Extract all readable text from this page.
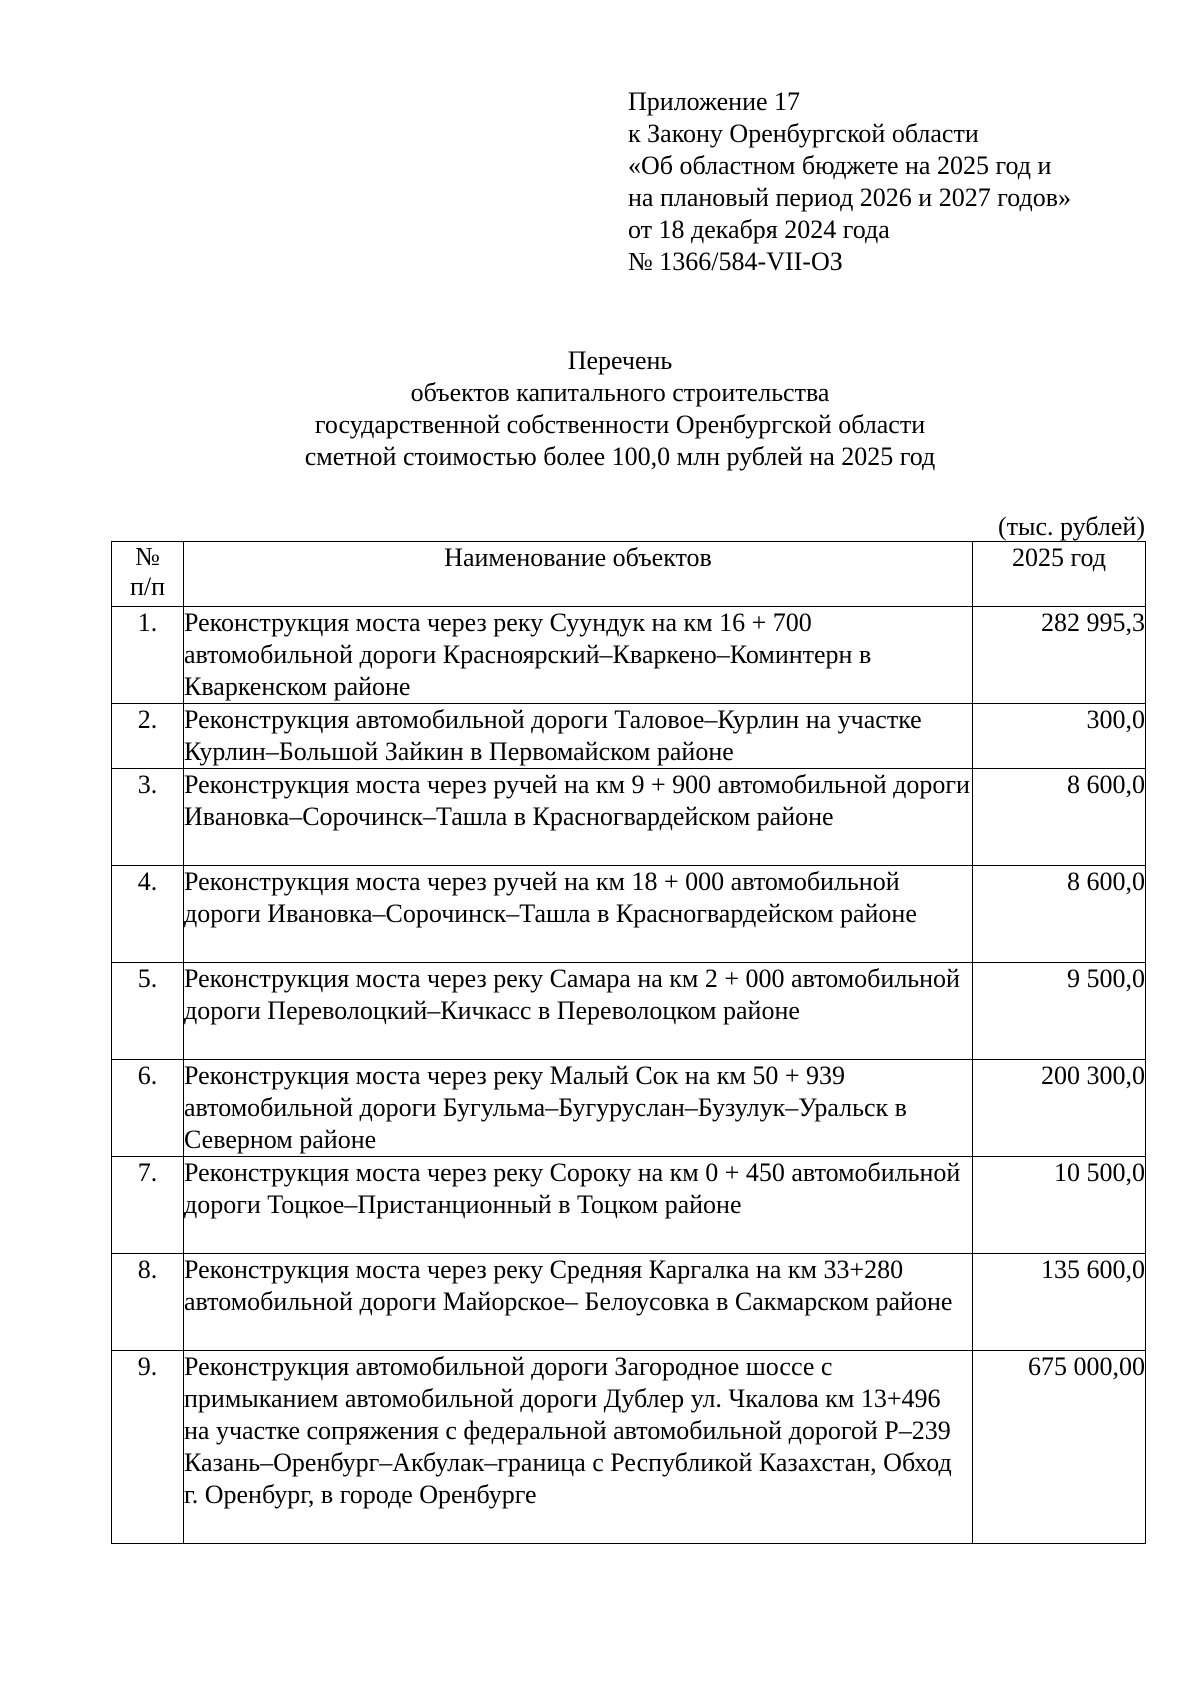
Приложение 17
к Закону Оренбургской области
«Об областном бюджете на 2025 год и
на плановый период 2026 и 2027 годов»
от 18 декабря 2024 года
№ 1366/584-VII-ОЗ
Перечень
объектов капитального строительства
государственной собственности Оренбургской области
сметной стоимостью более 100,0 млн рублей на 2025 год
(тыс. рублей)
№
п/п	Наименование объектов	2025 год
1.	Реконструкция моста через реку Суундук на км 16 + 700 автомобильной дороги Красноярский–Кваркено–Коминтерн в Кваркенском районе	282 995,3
2.	Реконструкция автомобильной дороги Таловое–Курлин на участке Курлин–Большой Зайкин в Первомайском районе	300,0
3.	Реконструкция моста через ручей на км 9 + 900 автомобильной дороги Ивановка–Сорочинск–Ташла в Красногвардейском районе	8 600,0
4.	Реконструкция моста через ручей на км 18 + 000 автомобильной дороги Ивановка–Сорочинск–Ташла в Красногвардейском районе	8 600,0
5.	Реконструкция моста через реку Самара на км 2 + 000 автомобильной дороги Переволоцкий–Кичкасс в Переволоцком районе	9 500,0
6.	Реконструкция моста через реку Малый Сок на км 50 + 939 автомобильной дороги Бугульма–Бугуруслан–Бузулук–Уральск в Северном районе	200 300,0
7.	Реконструкция моста через реку Сороку на км 0 + 450 автомобильной дороги Тоцкое–Пристанционный в Тоцком районе	10 500,0
8.	Реконструкция моста через реку Средняя Каргалка на км 33+280 автомобильной дороги Майорское– Белоусовка в Сакмарском районе	135 600,0
9.	Реконструкция автомобильной дороги Загородное шоссе с примыканием автомобильной дороги Дублер ул. Чкалова км 13+496 на участке сопряжения с федеральной автомобильной дорогой Р–239 Казань–Оренбург–Акбулак–граница с Республикой Казахстан, Обход г. Оренбург, в городе Оренбурге	675 000,00
